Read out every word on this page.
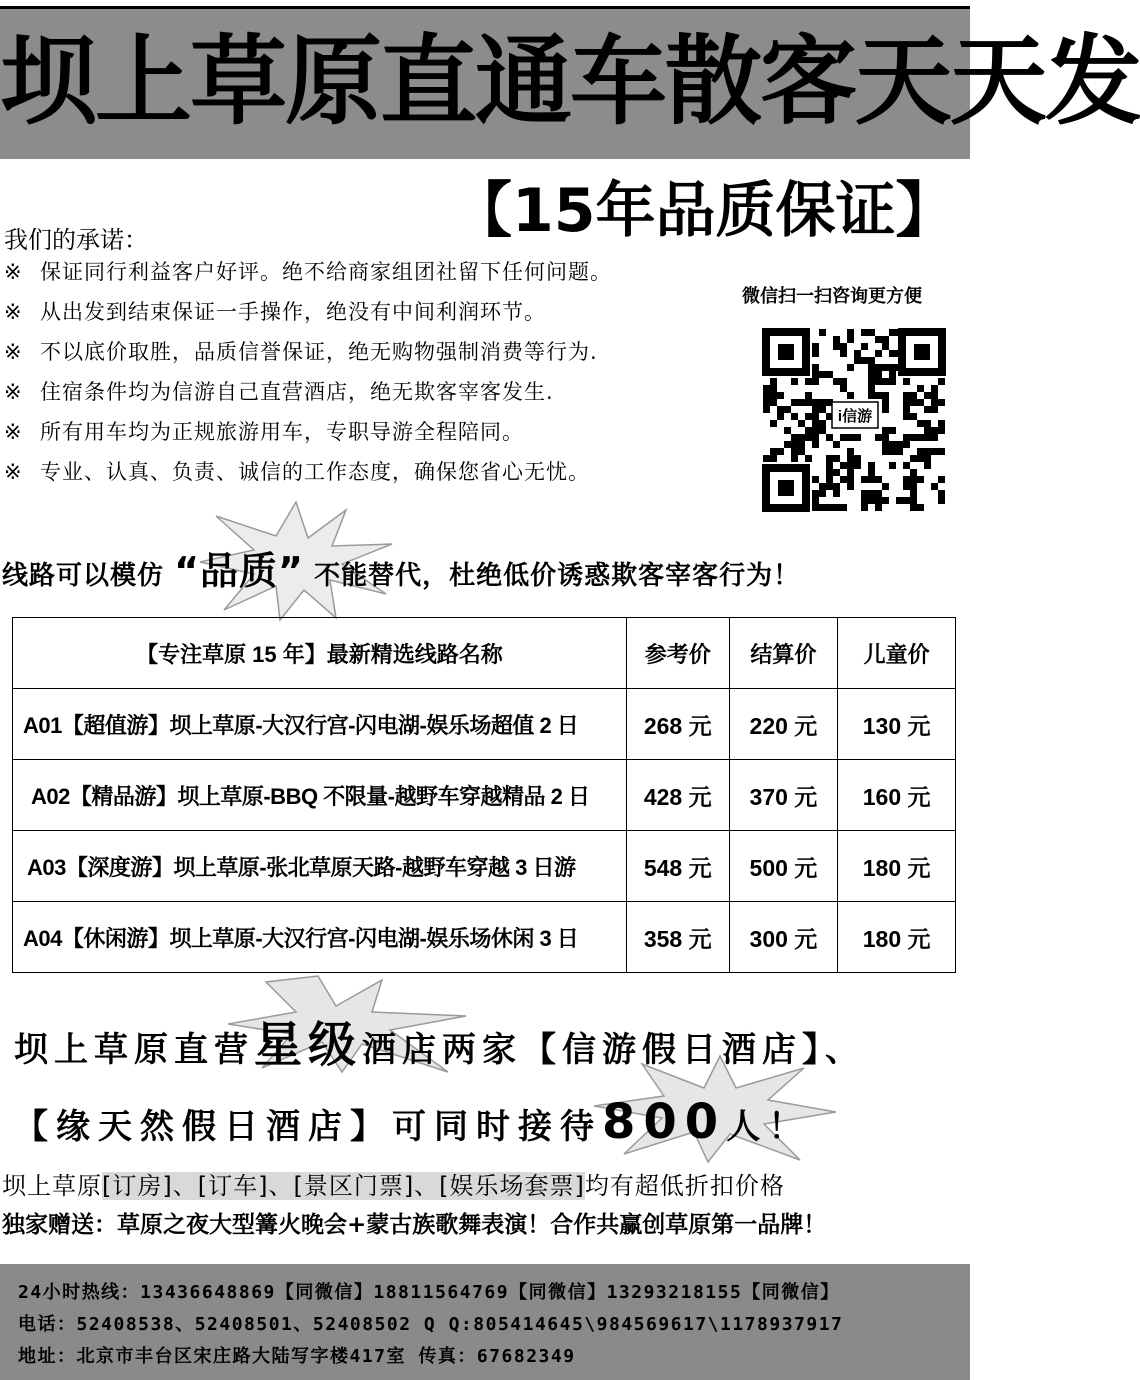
坝上草原直通车散客天天发
【15年品质保证】
我们的承诺：
※ 保证同行利益客户好评。绝不给商家组团社留下任何问题。
※ 从出发到结束保证一手操作，绝没有中间利润环节。
※ 不以底价取胜，品质信誉保证，绝无购物强制消费等行为.
※ 住宿条件均为信游自己直营酒店，绝无欺客宰客发生.
※ 所有用车均为正规旅游用车，专职导游全程陪同。
※ 专业、认真、负责、诚信的工作态度，确保您省心无忧。
微信扫一扫咨询更方便
i信游
线路可以模仿 “品质” 不能替代，杜绝低价诱惑欺客宰客行为！
【专注草原 15 年】最新精选线路名称	参考价	结算价	儿童价
A01【超值游】坝上草原-大汉行宫-闪电湖-娱乐场超值 2 日	268 元	220 元	130 元
A02【精品游】坝上草原-BBQ 不限量-越野车穿越精品 2 日	428 元	370 元	160 元
A03【深度游】坝上草原-张北草原天路-越野车穿越 3 日游	548 元	500 元	180 元
A04【休闲游】坝上草原-大汉行宫-闪电湖-娱乐场休闲 3 日	358 元	300 元	180 元
坝上草原直营星级酒店两家【信游假日酒店】、
【缘天然假日酒店】可同时接待800人！
坝上草原[订房]、[订车]、[景区门票]、[娱乐场套票]均有超低折扣价格
独家赠送：草原之夜大型篝火晚会+蒙古族歌舞表演！合作共赢创草原第一品牌！
24小时热线：13436648869【同微信】18811564769【同微信】13293218155【同微信】
电话：52408538、52408501、52408502 Q Q:805414645\984569617\1178937917
地址：北京市丰台区宋庄路大陆写字楼417室 传真：67682349
